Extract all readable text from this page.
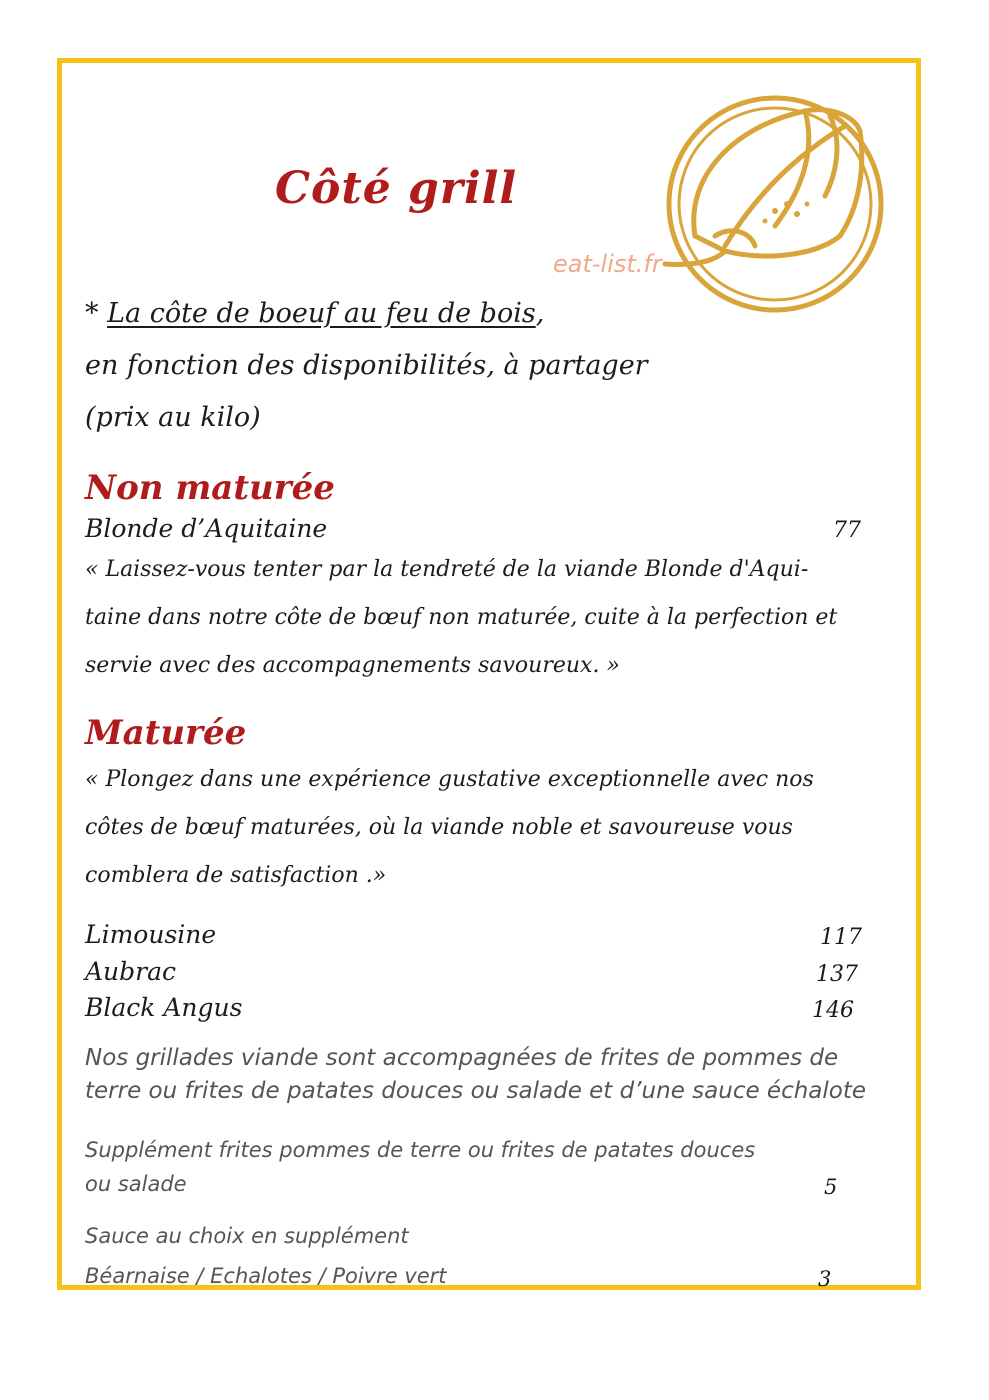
eat-list.fr

Côté grill

* La côte de boeuf au feu de bois,

en fonction des disponibilités, à partager

(prix au kilo)

Non maturée

Blonde d’Aquitaine	77

« Laissez-vous tenter par la tendreté de la viande Blonde d'Aqui-

taine dans notre côte de bœuf non maturée, cuite à la perfection et

servie avec des accompagnements savoureux. »

Maturée

« Plongez dans une expérience gustative exceptionnelle avec nos

côtes de bœuf maturées, où la viande noble et savoureuse vous

comblera de satisfaction .»

Limousine	117

Aubrac	137

Black Angus	146

Nos grillades viande sont accompagnées de frites de pommes de

terre ou frites de patates douces ou salade et d’une sauce échalote

Supplément frites pommes de terre ou frites de patates douces

ou salade	5

Sauce au choix en supplément

Béarnaise / Echalotes / Poivre vert	3
